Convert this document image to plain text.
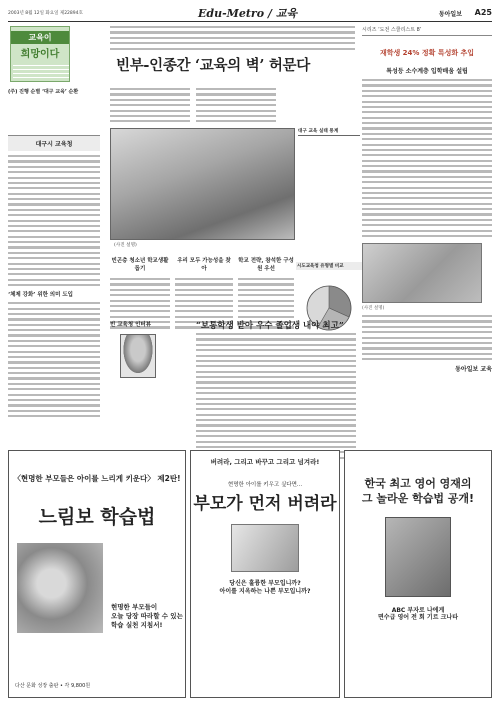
2003년 8월 12일 화요일 제22894호	Edu-Metro / 교육	동아일보 A25
교육이
희망이다
(주) 진행 순별 ‘대구 교육’ 순환
대구시 교육청
‘체제 강화’ 위한 의미 도입
빈부-인종간 ‘교육의 벽’ 허문다
(사진 설명)
대구 교육 실태 통계
빈곤층 청소년 학교생활 돕기
우리 모두 가능성을 찾아
학교 전략, 참석한 구성원 우선	시도교육청 유형별 비교
빈 교육청 인터뷰	“보통학생 받아 우수 졸업생 내야 최고”
시리즈 ‘도전 스쿨리스트 8’
재학생 24% 정확 특성화 추입
특성등 소수계층 입학배움 설립
(사진 설명)
동아일보 교육
〈현명한 부모들은 아이를 느리게 키운다〉 제2탄!
느림보 학습법
현명한 부모들이
오늘 당장 따라할 수 있는
학습 실천 지침서!
다산 문화 성장 출판 • 각 9,800원
버려라, 그리고 바꾸고 그리고 넘겨라!
현명한 아이를 키우고 싶다면...
부모가 먼저 버려라
당신은 훌륭한 부모입니까?
아이를 지옥하는 나쁜 부모입니까?
한국 최고 영어 영재의
그 놀라운 학습법 공개!
ABC 부자로 나에게
면수급 영어 전 회 기르 크나타
